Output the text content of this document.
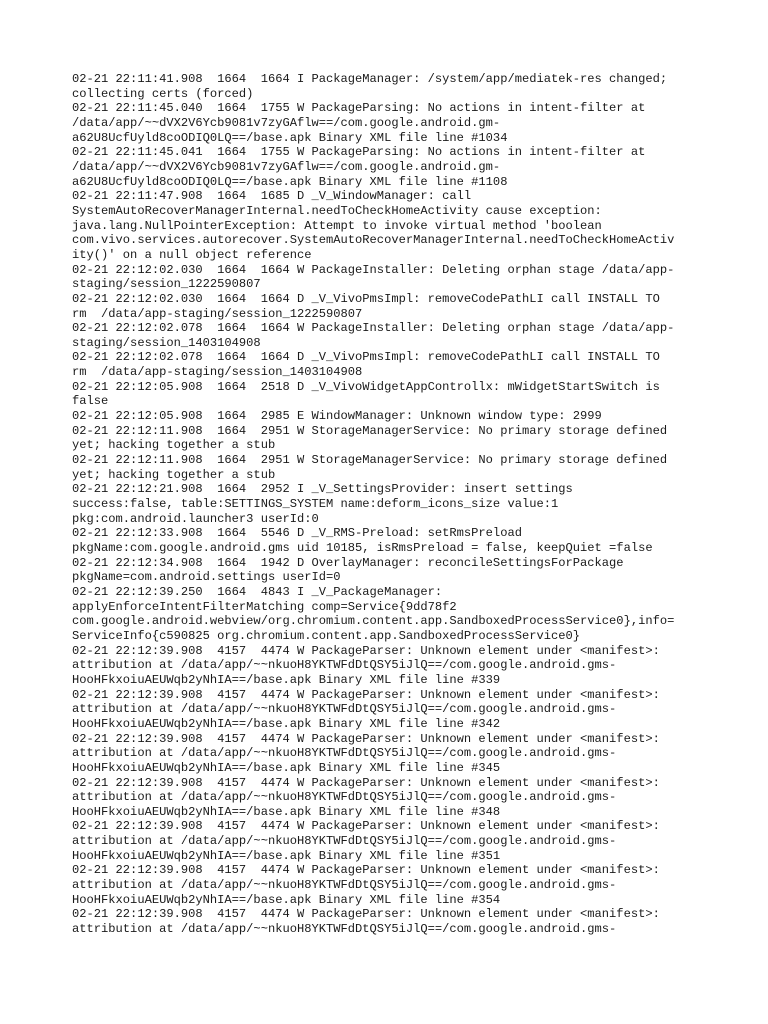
02-21 22:11:41.908  1664  1664 I PackageManager: /system/app/mediatek-res changed;
collecting certs (forced)
02-21 22:11:45.040  1664  1755 W PackageParsing: No actions in intent-filter at
/data/app/~~dVX2V6Ycb9081v7zyGAflw==/com.google.android.gm-
a62U8UcfUyld8coODIQ0LQ==/base.apk Binary XML file line #1034
02-21 22:11:45.041  1664  1755 W PackageParsing: No actions in intent-filter at
/data/app/~~dVX2V6Ycb9081v7zyGAflw==/com.google.android.gm-
a62U8UcfUyld8coODIQ0LQ==/base.apk Binary XML file line #1108
02-21 22:11:47.908  1664  1685 D _V_WindowManager: call
SystemAutoRecoverManagerInternal.needToCheckHomeActivity cause exception:
java.lang.NullPointerException: Attempt to invoke virtual method 'boolean
com.vivo.services.autorecover.SystemAutoRecoverManagerInternal.needToCheckHomeActiv
ity()' on a null object reference
02-21 22:12:02.030  1664  1664 W PackageInstaller: Deleting orphan stage /data/app-
staging/session_1222590807
02-21 22:12:02.030  1664  1664 D _V_VivoPmsImpl: removeCodePathLI call INSTALL TO
rm  /data/app-staging/session_1222590807
02-21 22:12:02.078  1664  1664 W PackageInstaller: Deleting orphan stage /data/app-
staging/session_1403104908
02-21 22:12:02.078  1664  1664 D _V_VivoPmsImpl: removeCodePathLI call INSTALL TO
rm  /data/app-staging/session_1403104908
02-21 22:12:05.908  1664  2518 D _V_VivoWidgetAppControllx: mWidgetStartSwitch is
false
02-21 22:12:05.908  1664  2985 E WindowManager: Unknown window type: 2999
02-21 22:12:11.908  1664  2951 W StorageManagerService: No primary storage defined
yet; hacking together a stub
02-21 22:12:11.908  1664  2951 W StorageManagerService: No primary storage defined
yet; hacking together a stub
02-21 22:12:21.908  1664  2952 I _V_SettingsProvider: insert settings
success:false, table:SETTINGS_SYSTEM name:deform_icons_size value:1
pkg:com.android.launcher3 userId:0
02-21 22:12:33.908  1664  5546 D _V_RMS-Preload: setRmsPreload
pkgName:com.google.android.gms uid 10185, isRmsPreload = false, keepQuiet =false
02-21 22:12:34.908  1664  1942 D OverlayManager: reconcileSettingsForPackage
pkgName=com.android.settings userId=0
02-21 22:12:39.250  1664  4843 I _V_PackageManager:
applyEnforceIntentFilterMatching comp=Service{9dd78f2
com.google.android.webview/org.chromium.content.app.SandboxedProcessService0},info=
ServiceInfo{c590825 org.chromium.content.app.SandboxedProcessService0}
02-21 22:12:39.908  4157  4474 W PackageParser: Unknown element under <manifest>:
attribution at /data/app/~~nkuoH8YKTWFdDtQSY5iJlQ==/com.google.android.gms-
HooHFkxoiuAEUWqb2yNhIA==/base.apk Binary XML file line #339
02-21 22:12:39.908  4157  4474 W PackageParser: Unknown element under <manifest>:
attribution at /data/app/~~nkuoH8YKTWFdDtQSY5iJlQ==/com.google.android.gms-
HooHFkxoiuAEUWqb2yNhIA==/base.apk Binary XML file line #342
02-21 22:12:39.908  4157  4474 W PackageParser: Unknown element under <manifest>:
attribution at /data/app/~~nkuoH8YKTWFdDtQSY5iJlQ==/com.google.android.gms-
HooHFkxoiuAEUWqb2yNhIA==/base.apk Binary XML file line #345
02-21 22:12:39.908  4157  4474 W PackageParser: Unknown element under <manifest>:
attribution at /data/app/~~nkuoH8YKTWFdDtQSY5iJlQ==/com.google.android.gms-
HooHFkxoiuAEUWqb2yNhIA==/base.apk Binary XML file line #348
02-21 22:12:39.908  4157  4474 W PackageParser: Unknown element under <manifest>:
attribution at /data/app/~~nkuoH8YKTWFdDtQSY5iJlQ==/com.google.android.gms-
HooHFkxoiuAEUWqb2yNhIA==/base.apk Binary XML file line #351
02-21 22:12:39.908  4157  4474 W PackageParser: Unknown element under <manifest>:
attribution at /data/app/~~nkuoH8YKTWFdDtQSY5iJlQ==/com.google.android.gms-
HooHFkxoiuAEUWqb2yNhIA==/base.apk Binary XML file line #354
02-21 22:12:39.908  4157  4474 W PackageParser: Unknown element under <manifest>:
attribution at /data/app/~~nkuoH8YKTWFdDtQSY5iJlQ==/com.google.android.gms-
